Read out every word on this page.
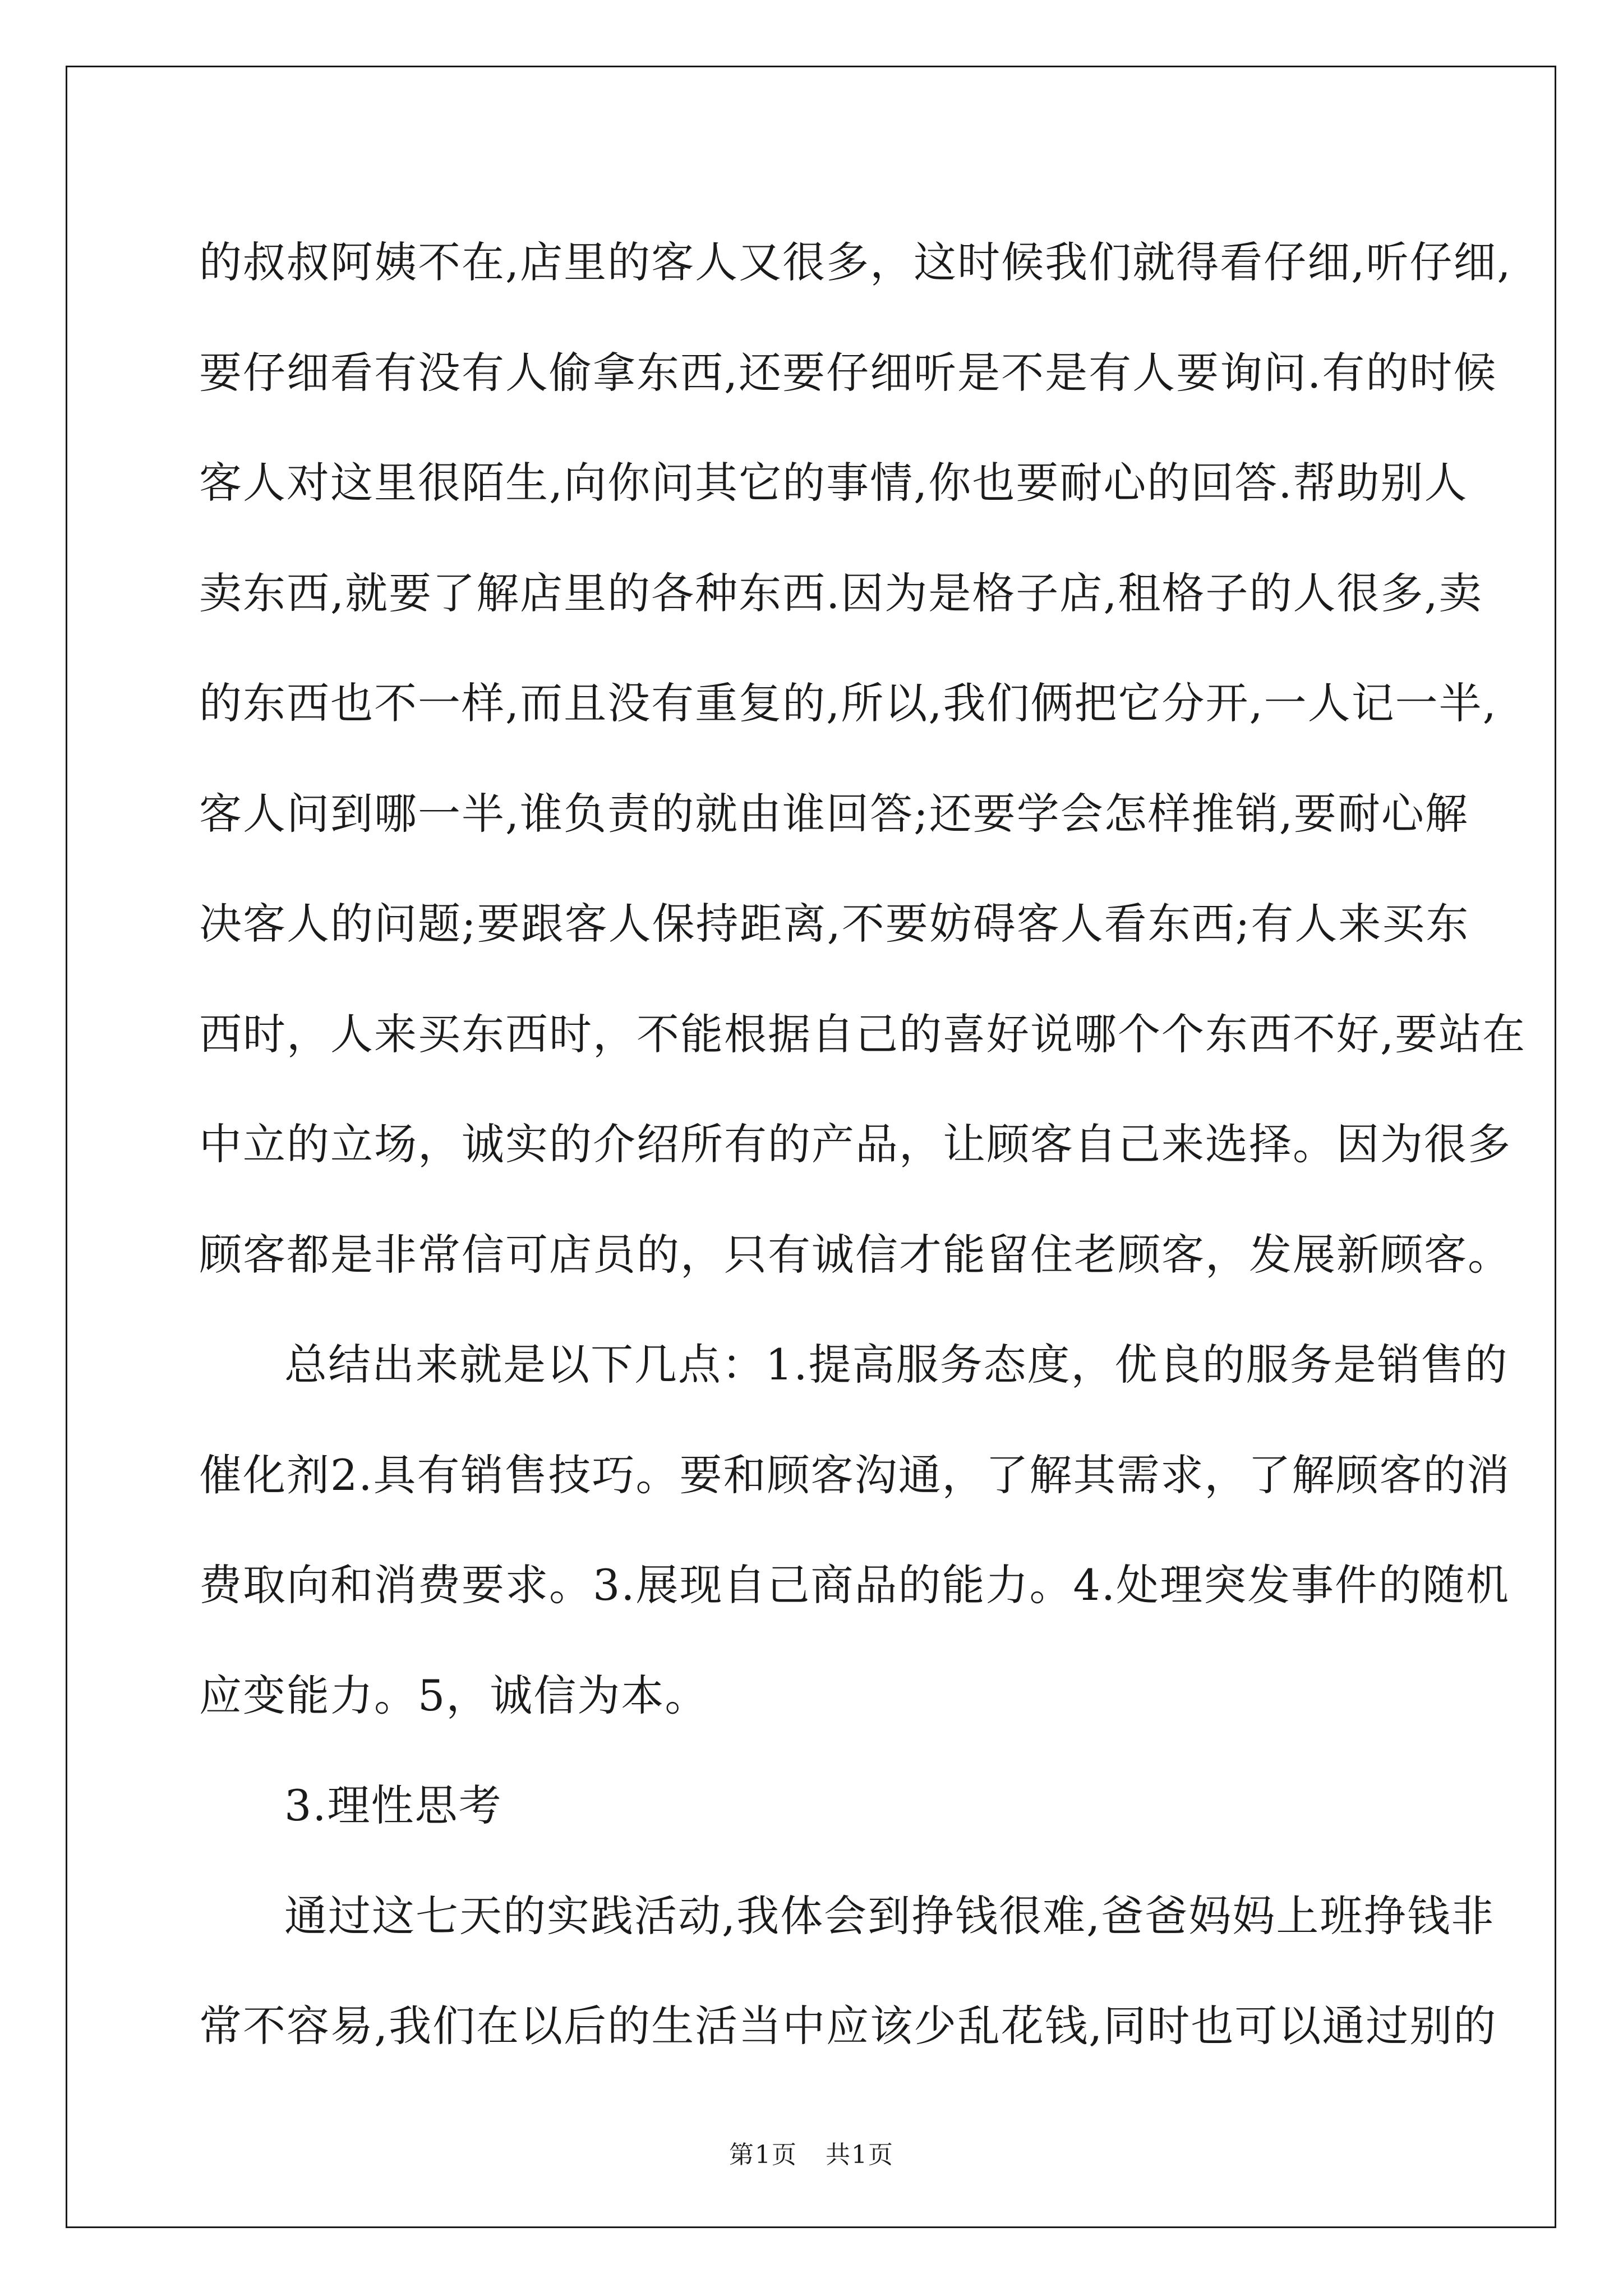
的叔叔阿姨不在,店里的客人又很多，这时候我们就得看仔细,听仔细,

要仔细看有没有人偷拿东西,还要仔细听是不是有人要询问.有的时候

客人对这里很陌生,向你问其它的事情,你也要耐心的回答.帮助别人

卖东西,就要了解店里的各种东西.因为是格子店,租格子的人很多,卖

的东西也不一样,而且没有重复的,所以,我们俩把它分开,一人记一半,

客人问到哪一半,谁负责的就由谁回答;还要学会怎样推销,要耐心解

决客人的问题;要跟客人保持距离,不要妨碍客人看东西;有人来买东

西时，人来买东西时，不能根据自己的喜好说哪个个东西不好,要站在

中立的立场，诚实的介绍所有的产品，让顾客自己来选择。因为很多

顾客都是非常信可店员的，只有诚信才能留住老顾客，发展新顾客。

总结出来就是以下几点：1.提高服务态度，优良的服务是销售的

催化剂2.具有销售技巧。要和顾客沟通，了解其需求，了解顾客的消

费取向和消费要求。3.展现自己商品的能力。4.处理突发事件的随机

应变能力。5，诚信为本。

3.理性思考

通过这七天的实践活动,我体会到挣钱很难,爸爸妈妈上班挣钱非

常不容易,我们在以后的生活当中应该少乱花钱,同时也可以通过别的

第1页 共1页
